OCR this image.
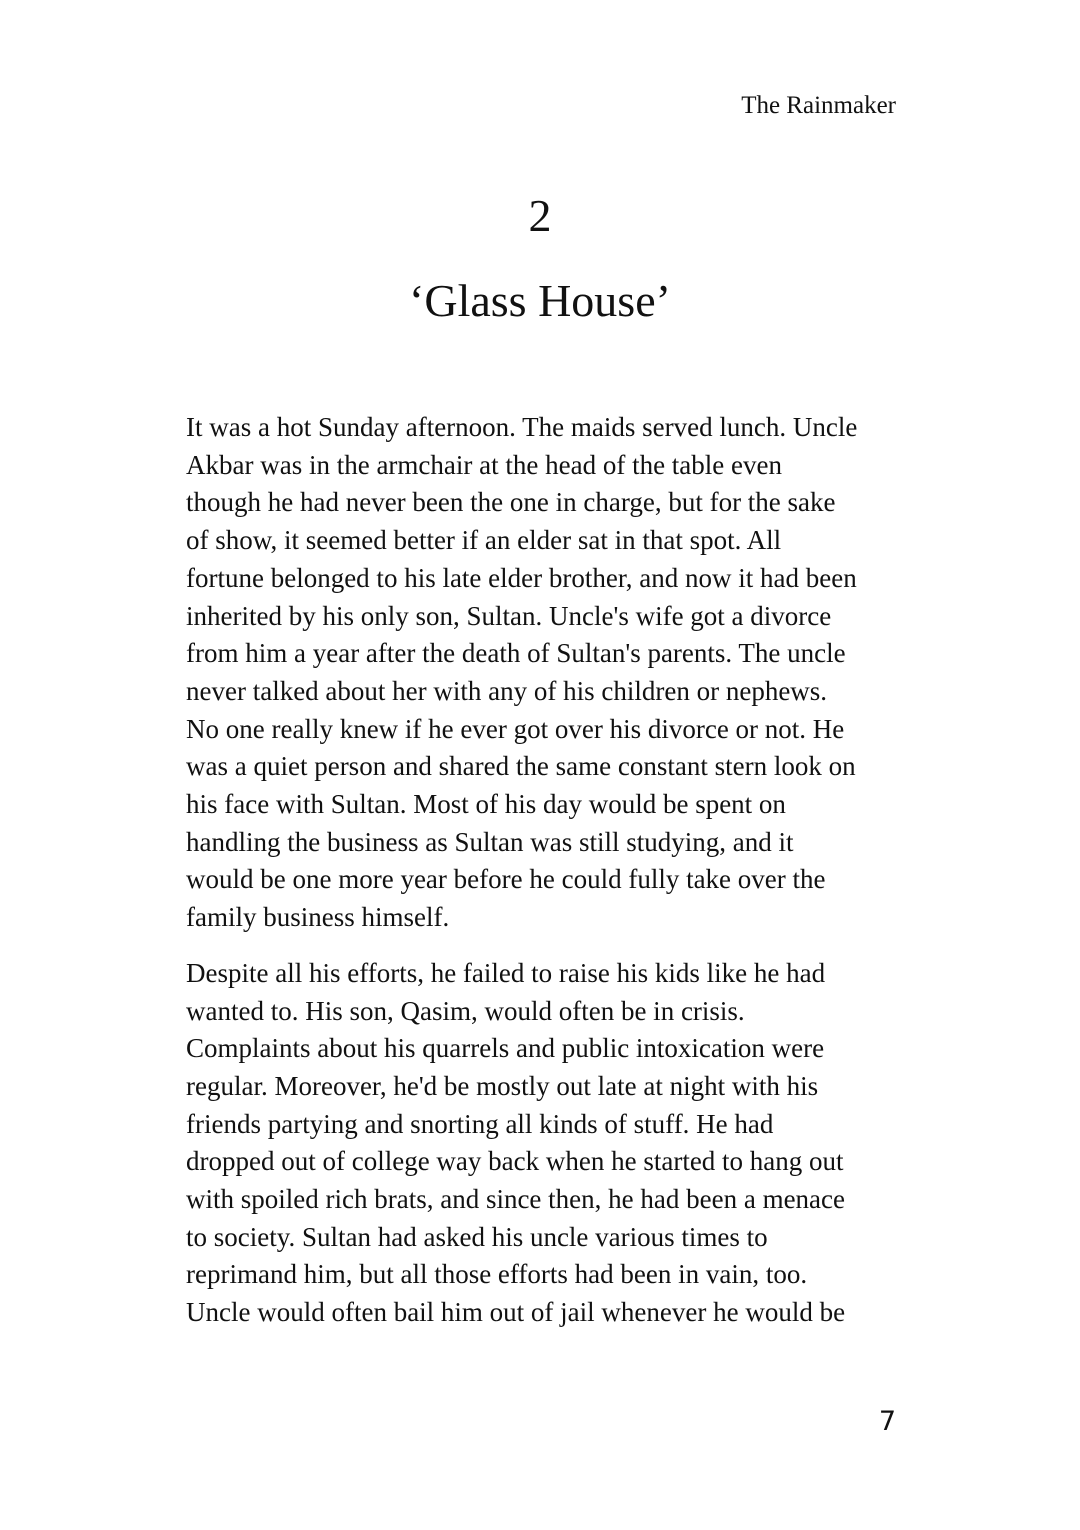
The Rainmaker
2
‘Glass House’
It was a hot Sunday afternoon. The maids served lunch. Uncle
Akbar was in the armchair at the head of the table even
though he had never been the one in charge, but for the sake
of show, it seemed better if an elder sat in that spot. All
fortune belonged to his late elder brother, and now it had been
inherited by his only son, Sultan. Uncle's wife got a divorce
from him a year after the death of Sultan's parents. The uncle
never talked about her with any of his children or nephews.
No one really knew if he ever got over his divorce or not. He
was a quiet person and shared the same constant stern look on
his face with Sultan. Most of his day would be spent on
handling the business as Sultan was still studying, and it
would be one more year before he could fully take over the
family business himself.
Despite all his efforts, he failed to raise his kids like he had
wanted to. His son, Qasim, would often be in crisis.
Complaints about his quarrels and public intoxication were
regular. Moreover, he'd be mostly out late at night with his
friends partying and snorting all kinds of stuff. He had
dropped out of college way back when he started to hang out
with spoiled rich brats, and since then, he had been a menace
to society. Sultan had asked his uncle various times to
reprimand him, but all those efforts had been in vain, too.
Uncle would often bail him out of jail whenever he would be
7
